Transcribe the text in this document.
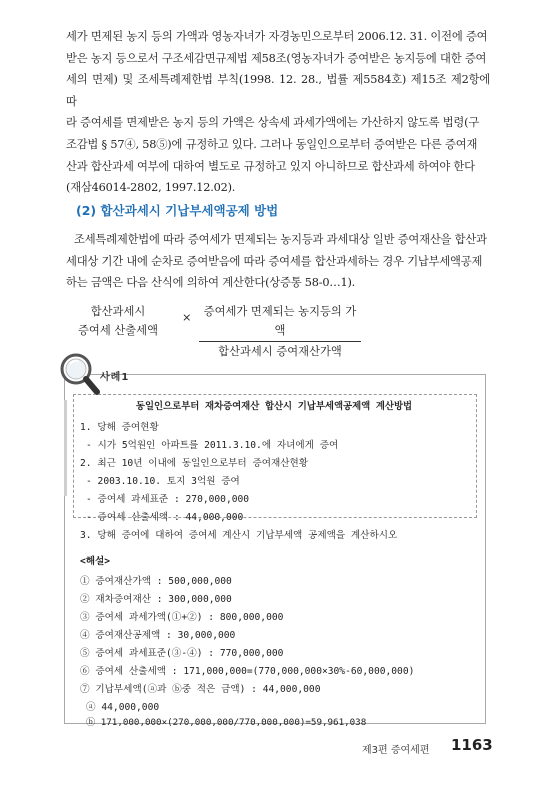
세가 면제된 농지 등의 가액과 영농자녀가 자경농민으로부터 2006.12. 31. 이전에 증여

받은 농지 등으로서 구조세감면규제법 제58조(영농자녀가 증여받은 농지등에 대한 증여

세의 면제) 및 조세특례제한법 부칙(1998. 12. 28., 법률 제5584호) 제15조 제2항에 따

라 증여세를 면제받은 농지 등의 가액은 상속세 과세가액에는 가산하지 않도록 법령(구

조감법 § 57④, 58⑤)에 규정하고 있다. 그러나 동일인으로부터 증여받은 다른 증여재

산과 합산과세 여부에 대하여 별도로 규정하고 있지 아니하므로 합산과세 하여야 한다

(재삼46014-2802, 1997.12.02).

(2) 합산과세시 기납부세액공제 방법

조세특례제한법에 따라 증여세가 면제되는 농지등과 과세대상 일반 증여재산을 합산과

세대상 기간 내에 순차로 증여받음에 따라 증여세를 합산과세하는 경우 기납부세액공제

하는 금액은 다음 산식에 의하여 계산한다(상증통 58-0…1).

합산과세시
증여세 산출세액
×	증여세가 면제되는 농지등의 가액
합산과세시 증여재산가액
사례1
동일인으로부터 재차증여재산 합산시 기납부세액공제액 계산방법
1. 당해 증여현황
- 시가 5억원인 아파트를 2011.3.10.에 자녀에게 증여
2. 최근 10년 이내에 동일인으로부터 증여재산현황
- 2003.10.10. 토지 3억원 증여
- 증여세 과세표준 : 270,000,000
- 증여세 산출세액 : 44,000,000
3. 당해 증여에 대하여 증여세 계산시 기납부세액 공제액을 계산하시오
<해설>
① 증여재산가액 : 500,000,000
② 재차증여재산 : 300,000,000
③ 증여세 과세가액(①+②) : 800,000,000
④ 증여재산공제액 : 30,000,000
⑤ 증여세 과세표준(③-④) : 770,000,000
⑥ 증여세 산출세액 : 171,000,000=(770,000,000×30%-60,000,000)
⑦ 기납부세액(ⓐ과 ⓑ중 적은 금액) : 44,000,000
ⓐ 44,000,000
ⓑ 171,000,000×(270,000,000/770,000,000)=59,961,038
제3편 증여세편 1163
